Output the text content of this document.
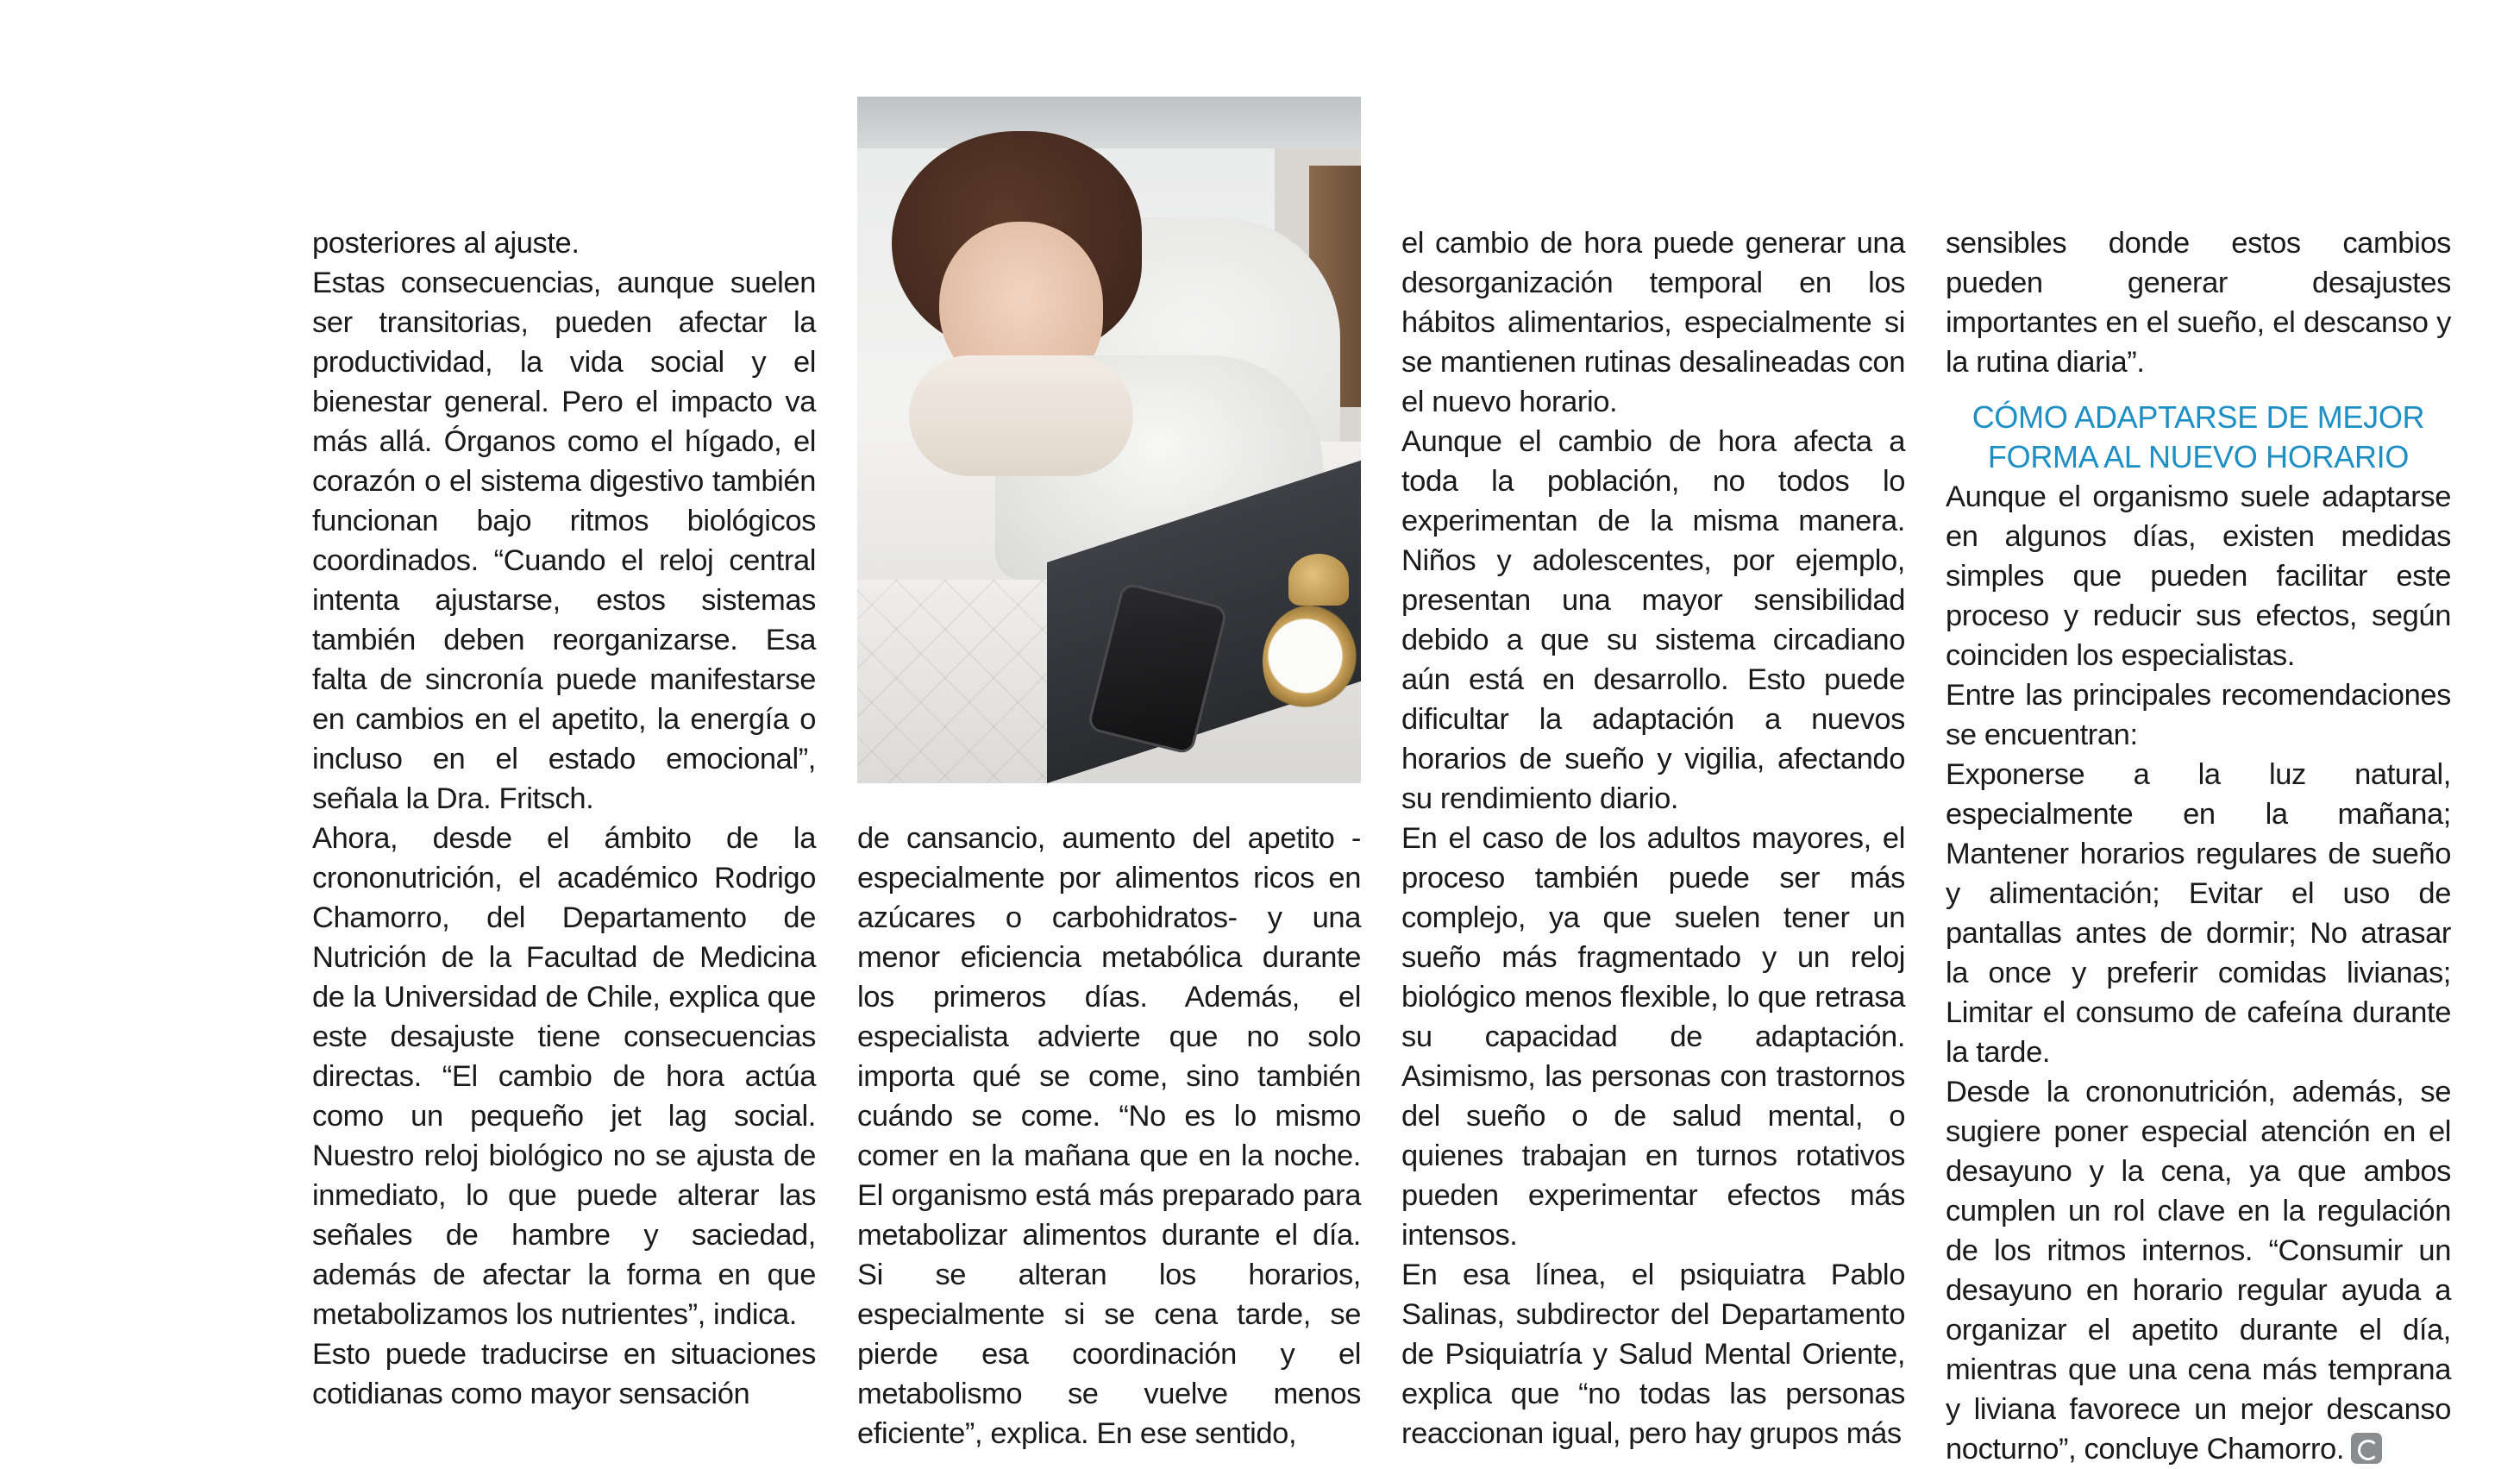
posteriores al ajuste.

Estas consecuencias, aunque suelen ser transitorias, pueden afectar la productividad, la vida social y el bienestar general. Pero el impacto va más allá. Órganos como el hígado, el corazón o el sistema digestivo también funcionan bajo ritmos biológicos coordinados. “Cuando el reloj central intenta ajustarse, estos sistemas también deben reorganizarse. Esa falta de sincronía puede manifestarse en cambios en el apetito, la energía o incluso en el estado emocional”, señala la Dra. Fritsch.

Ahora, desde el ámbito de la crononutrición, el académico Rodrigo Chamorro, del Departamento de Nutrición de la Facultad de Medicina de la Universidad de Chile, explica que este desajuste tiene consecuencias directas. “El cambio de hora actúa como un pequeño jet lag social. Nuestro reloj biológico no se ajusta de inmediato, lo que puede alterar las señales de hambre y saciedad, además de afectar la forma en que metabolizamos los nutrientes”, indica.

Esto puede traducirse en situaciones cotidianas como mayor sensación

de cansancio, aumento del apetito -especialmente por alimentos ricos en azúcares o carbohidratos- y una menor eficiencia metabólica durante los primeros días. Además, el especialista advierte que no solo importa qué se come, sino también cuándo se come. “No es lo mismo comer en la mañana que en la noche. El organismo está más preparado para metabolizar alimentos durante el día. Si se alteran los horarios, especialmente si se cena tarde, se pierde esa coordinación y el metabolismo se vuelve menos eficiente”, explica. En ese sentido,

el cambio de hora puede generar una desorganización temporal en los hábitos alimentarios, especialmente si se mantienen rutinas desalineadas con el nuevo horario.

Aunque el cambio de hora afecta a toda la población, no todos lo experimentan de la misma manera. Niños y adolescentes, por ejemplo, presentan una mayor sensibilidad debido a que su sistema circadiano aún está en desarrollo. Esto puede dificultar la adaptación a nuevos horarios de sueño y vigilia, afectando su rendimiento diario.

En el caso de los adultos mayores, el proceso también puede ser más complejo, ya que suelen tener un sueño más fragmentado y un reloj biológico menos flexible, lo que retrasa su capacidad de adaptación. Asimismo, las personas con trastornos del sueño o de salud mental, o quienes trabajan en turnos rotativos pueden experimentar efectos más intensos.

En esa línea, el psiquiatra Pablo Salinas, subdirector del Departamento de Psiquiatría y Salud Mental Oriente, explica que “no todas las personas reaccionan igual, pero hay grupos más

sensibles donde estos cambios pueden generar desajustes importantes en el sueño, el descanso y la rutina diaria”.

CÓMO ADAPTARSE DE MEJOR FORMA AL NUEVO HORARIO

Aunque el organismo suele adaptarse en algunos días, existen medidas simples que pueden facilitar este proceso y reducir sus efectos, según coinciden los especialistas.

Entre las principales recomendaciones se encuentran:

Exponerse a la luz natural, especialmente en la mañana; Mantener horarios regulares de sueño y alimentación; Evitar el uso de pantallas antes de dormir; No atrasar la once y preferir comidas livianas; Limitar el consumo de cafeína durante la tarde.

Desde la crononutrición, además, se sugiere poner especial atención en el desayuno y la cena, ya que ambos cumplen un rol clave en la regulación de los ritmos internos. “Consumir un desayuno en horario regular ayuda a organizar el apetito durante el día, mientras que una cena más temprana y liviana favorece un mejor descanso nocturno”, concluye Chamorro.
